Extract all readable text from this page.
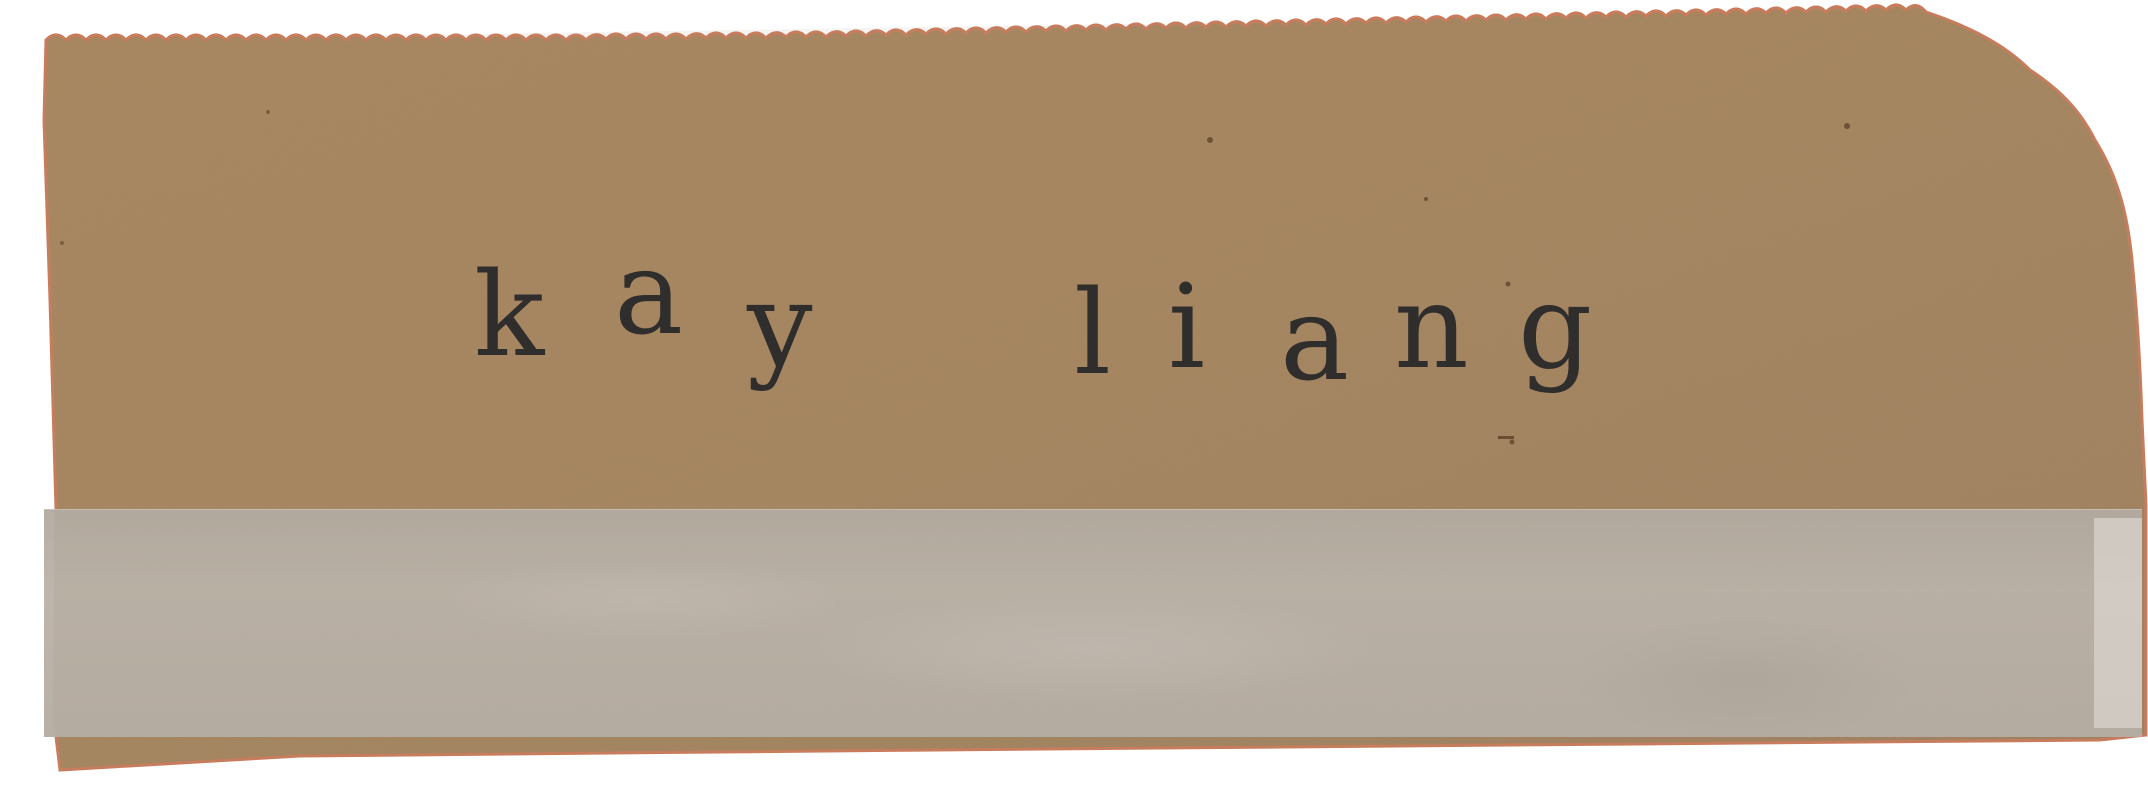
k a y l i a n g
